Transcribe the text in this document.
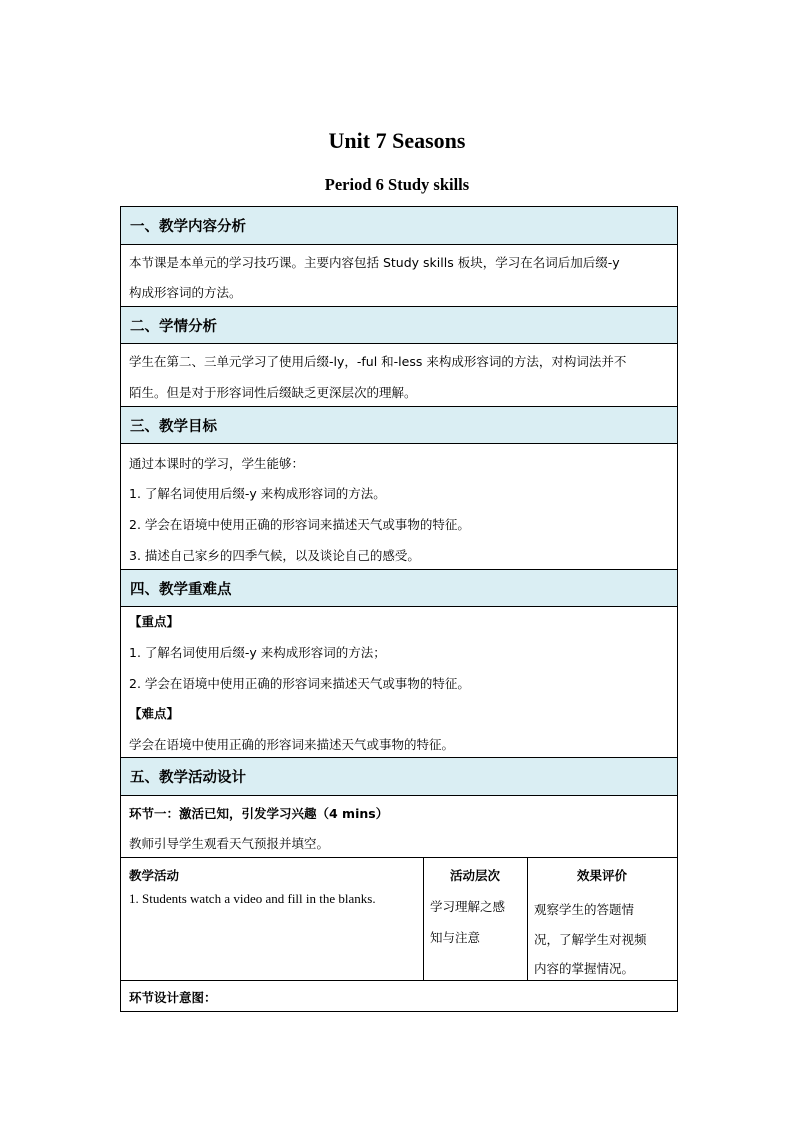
Unit 7 Seasons
Period 6 Study skills
一、教学内容分析
本节课是本单元的学习技巧课。主要内容包括 Study skills 板块，学习在名词后加后缀-y
构成形容词的方法。
二、学情分析
学生在第二、三单元学习了使用后缀-ly，-ful 和-less 来构成形容词的方法，对构词法并不
陌生。但是对于形容词性后缀缺乏更深层次的理解。
三、教学目标
通过本课时的学习，学生能够：
1. 了解名词使用后缀-y 来构成形容词的方法。
2. 学会在语境中使用正确的形容词来描述天气或事物的特征。
3. 描述自己家乡的四季气候，以及谈论自己的感受。
四、教学重难点
【重点】
1. 了解名词使用后缀-y 来构成形容词的方法；
2. 学会在语境中使用正确的形容词来描述天气或事物的特征。
【难点】
学会在语境中使用正确的形容词来描述天气或事物的特征。
五、教学活动设计
环节一：激活已知，引发学习兴趣（4 mins）
教师引导学生观看天气预报并填空。
教学活动
1. Students watch a video and fill in the blanks.
活动层次
学习理解之感
知与注意
效果评价
观察学生的答题情
况，了解学生对视频
内容的掌握情况。
环节设计意图：
